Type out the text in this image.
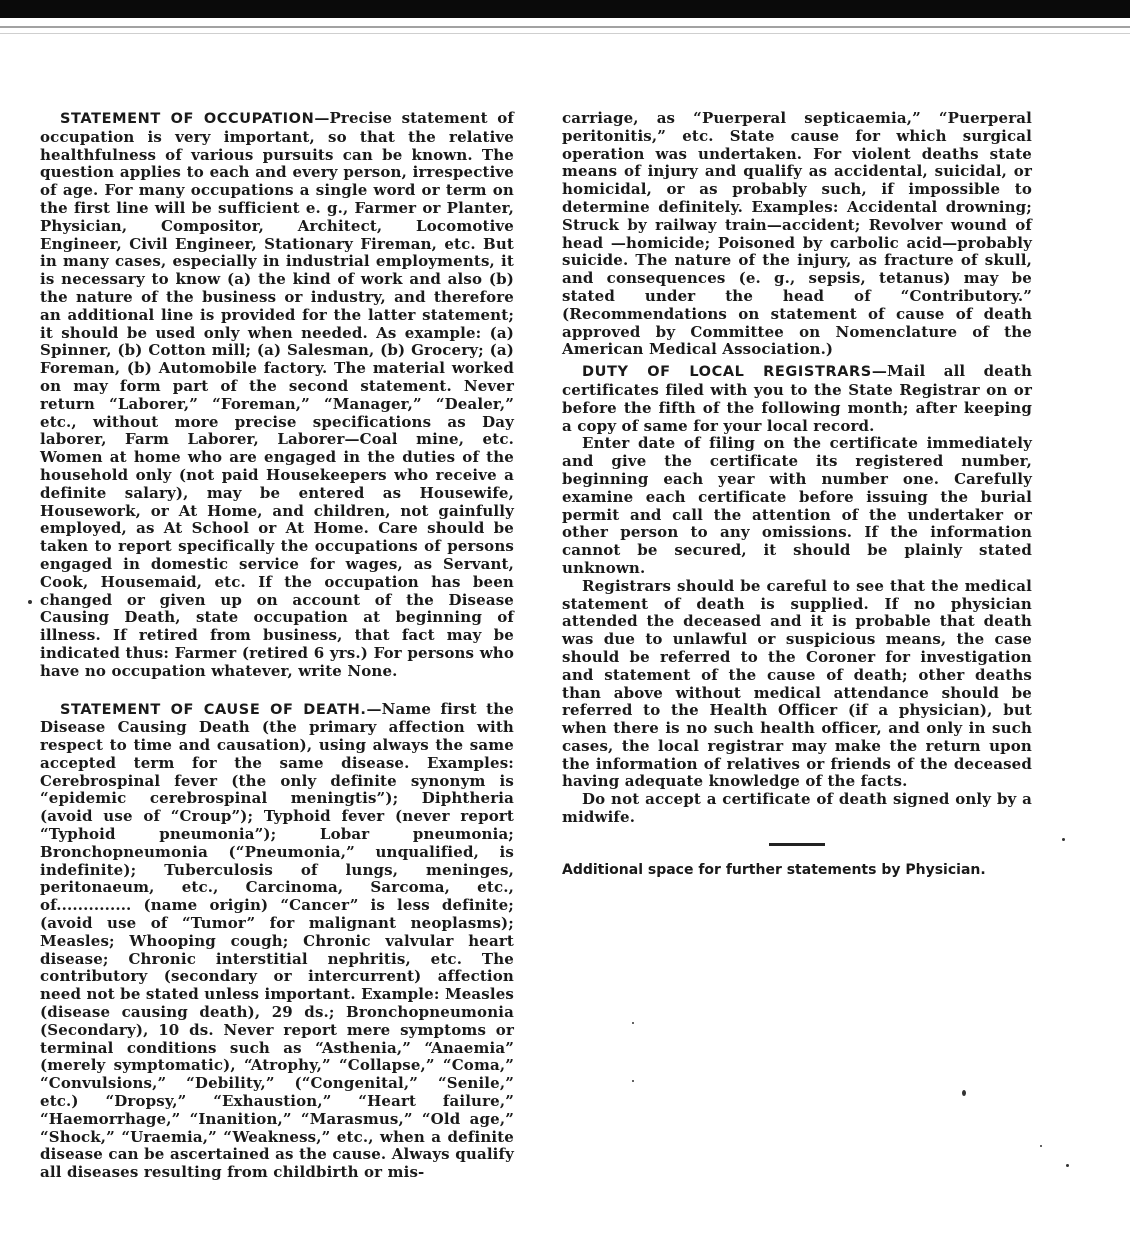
STATEMENT OF OCCUPATION—Precise statement of occupation is very important, so that the relative healthfulness of various pursuits can be known. The question applies to each and every person, irrespective of age. For many occupations a single word or term on the first line will be sufficient e. g., Farmer or Planter, Physician, Compositor, Architect, Locomotive Engineer, Civil Engineer, Stationary Fireman, etc. But in many cases, especially in industrial employments, it is necessary to know (a) the kind of work and also (b) the nature of the business or industry, and therefore an additional line is provided for the latter statement; it should be used only when needed. As example: (a) Spinner, (b) Cotton mill; (a) Salesman, (b) Grocery; (a) Foreman, (b) Automobile factory. The material worked on may form part of the second statement. Never return “Laborer,” “Foreman,” “Manager,” “Dealer,” etc., without more precise specifications as Day laborer, Farm Laborer, Laborer—Coal mine, etc. Women at home who are engaged in the duties of the household only (not paid Housekeepers who receive a definite salary), may be entered as Housewife, Housework, or At Home, and children, not gainfully employed, as At School or At Home. Care should be taken to report specifically the occupations of persons engaged in domestic service for wages, as Servant, Cook, Housemaid, etc. If the occupation has been changed or given up on account of the Disease Causing Death, state occupation at beginning of illness. If retired from business, that fact may be indicated thus: Farmer (retired 6 yrs.) For persons who have no occupation whatever, write None.

STATEMENT OF CAUSE OF DEATH.—Name first the Disease Causing Death (the primary affection with respect to time and causation), using always the same accepted term for the same disease. Examples: Cerebrospinal fever (the only definite synonym is “epidemic cerebrospinal meningtis”); Diphtheria (avoid use of “Croup”); Typhoid fever (never report “Typhoid pneumonia”); Lobar pneumonia; Bronchopneumonia (“Pneumonia,” unqualified, is indefinite); Tuberculosis of lungs, meninges, peritonaeum, etc., Carcinoma, Sarcoma, etc., of.............. (name origin) “Cancer” is less definite; (avoid use of “Tumor” for malignant neoplasms); Measles; Whooping cough; Chronic valvular heart disease; Chronic interstitial nephritis, etc. The contributory (secondary or intercurrent) affection need not be stated unless important. Example: Measles (disease causing death), 29 ds.; Bronchopneumonia (Secondary), 10 ds. Never report mere symptoms or terminal conditions such as “Asthenia,” “Anaemia” (merely symptomatic), “Atrophy,” “Collapse,” “Coma,” “Convulsions,” “Debility,” (“Congenital,” “Senile,” etc.) “Dropsy,” “Exhaustion,” “Heart failure,” “Haemorrhage,” “Inanition,” “Marasmus,” “Old age,” “Shock,” “Uraemia,” “Weakness,” etc., when a definite disease can be ascertained as the cause. Always qualify all diseases resulting from childbirth or mis-

carriage, as “Puerperal septicaemia,” “Puerperal peritonitis,” etc. State cause for which surgical operation was undertaken. For violent deaths state means of injury and qualify as accidental, suicidal, or homicidal, or as probably such, if impossible to determine definitely. Examples: Accidental drowning; Struck by railway train—accident; Revolver wound of head —homicide; Poisoned by carbolic acid—probably suicide. The nature of the injury, as fracture of skull, and consequences (e. g., sepsis, tetanus) may be stated under the head of “Contributory.” (Recommendations on statement of cause of death approved by Committee on Nomenclature of the American Medical Association.)

DUTY OF LOCAL REGISTRARS—Mail all death certificates filed with you to the State Registrar on or before the fifth of the following month; after keeping a copy of same for your local record.

Enter date of filing on the certificate immediately and give the certificate its registered number, beginning each year with number one. Carefully examine each certificate before issuing the burial permit and call the attention of the undertaker or other person to any omissions. If the information cannot be secured, it should be plainly stated unknown.

Registrars should be careful to see that the medical statement of death is supplied. If no physician attended the deceased and it is probable that death was due to unlawful or suspicious means, the case should be referred to the Coroner for investigation and statement of the cause of death; other deaths than above without medical attendance should be referred to the Health Officer (if a physician), but when there is no such health officer, and only in such cases, the local registrar may make the return upon the information of relatives or friends of the deceased having adequate knowledge of the facts.

Do not accept a certificate of death signed only by a midwife.

Additional space for further statements by Physician.
